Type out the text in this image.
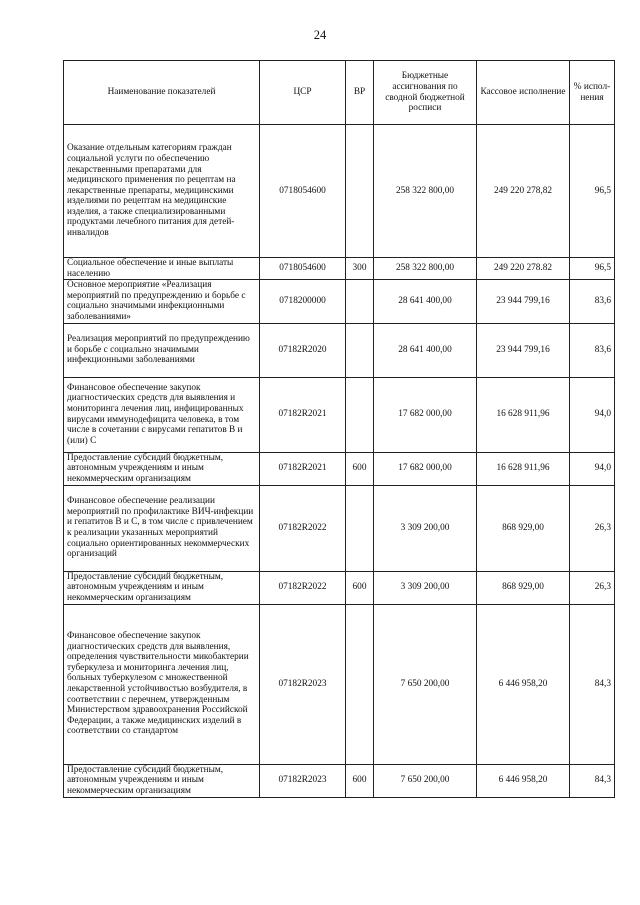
24
Наименование показателей	ЦСР	ВР	Бюджетные ассигнования по сводной бюджетной росписи	Кассовое исполнение	% испол-нения
Оказание отдельным категориям граждан социальной услуги по обеспечению лекарственными препаратами для медицинского применения по рецептам на лекарственные препараты, медицинскими изделиями по рецептам на медицинские изделия, а также специализированными продуктами лечебного питания для детей-инвалидов	0718054600		258 322 800,00	249 220 278,82	96,5
Социальное обеспечение и иные выплаты населению	0718054600	300	258 322 800,00	249 220 278.82	96,5
Основное мероприятие «Реализация мероприятий по предупреждению и борьбе с социально значимыми инфекционными заболеваниями»	0718200000		28 641 400,00	23 944 799,16	83,6
Реализация мероприятий по предупреждению и борьбе с социально значимыми инфекционными заболеваниями	07182R2020		28 641 400,00	23 944 799,16	83,6
Финансовое обеспечение закупок диагностических средств для выявления и мониторинга лечения лиц, инфицированных вирусами иммунодефицита человека, в том числе в сочетании с вирусами гепатитов В и (или) С	07182R2021		17 682 000,00	16 628 911,96	94,0
Предоставление субсидий бюджетным, автономным учреждениям и иным некоммерческим организациям	07182R2021	600	17 682 000,00	16 628 911,96	94,0
Финансовое обеспечение реализации мероприятий по профилактике ВИЧ-инфекции и гепатитов В и С, в том числе с привлечением к реализации указанных мероприятий социально ориентированных некоммерческих организаций	07182R2022		3 309 200,00	868 929,00	26,3
Предоставление субсидий бюджетным, автономным учреждениям и иным некоммерческим организациям	07182R2022	600	3 309 200,00	868 929,00	26,3
Финансовое обеспечение закупок диагностических средств для выявления, определения чувствительности микобактерии туберкулеза и мониторинга лечения лиц, больных туберкулезом с множественной лекарственной устойчивостью возбудителя, в соответствии с перечнем, утвержденным Министерством здравоохранения Российской Федерации, а также медицинских изделий в соответствии со стандартом	07182R2023		7 650 200,00	6 446 958,20	84,3
Предоставление субсидий бюджетным, автономным учреждениям и иным некоммерческим организациям	07182R2023	600	7 650 200,00	6 446 958,20	84,3
